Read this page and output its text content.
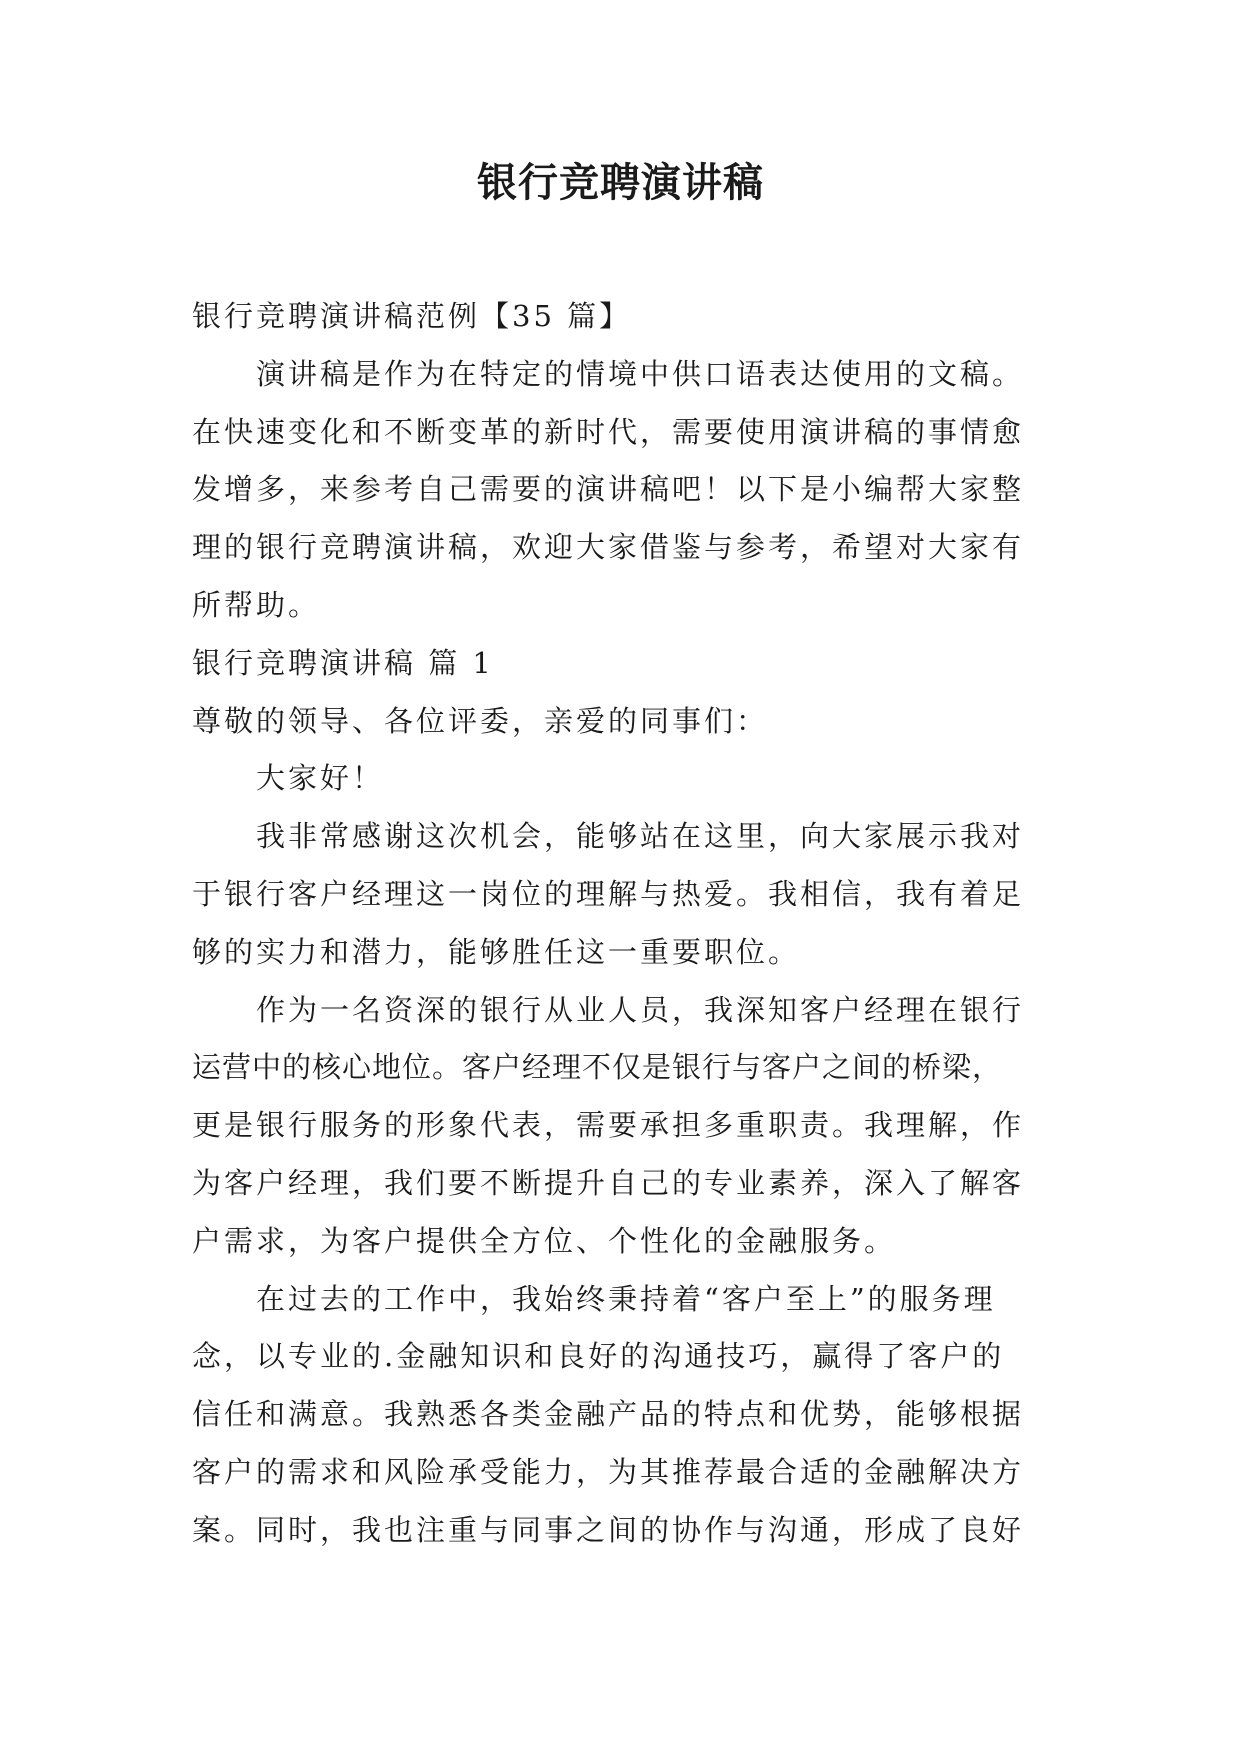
银行竞聘演讲稿
银行竞聘演讲稿范例【35 篇】
演讲稿是作为在特定的情境中供口语表达使用的文稿。
在快速变化和不断变革的新时代，需要使用演讲稿的事情愈
发增多，来参考自己需要的演讲稿吧！以下是小编帮大家整
理的银行竞聘演讲稿，欢迎大家借鉴与参考，希望对大家有
所帮助。
银行竞聘演讲稿 篇 1
尊敬的领导、各位评委，亲爱的同事们：
大家好！
我非常感谢这次机会，能够站在这里，向大家展示我对
于银行客户经理这一岗位的理解与热爱。我相信，我有着足
够的实力和潜力，能够胜任这一重要职位。
作为一名资深的银行从业人员，我深知客户经理在银行
运营中的核心地位。客户经理不仅是银行与客户之间的桥梁，
更是银行服务的形象代表，需要承担多重职责。我理解，作
为客户经理，我们要不断提升自己的专业素养，深入了解客
户需求，为客户提供全方位、个性化的金融服务。
在过去的工作中，我始终秉持着“客户至上”的服务理
念，以专业的.金融知识和良好的沟通技巧，赢得了客户的
信任和满意。我熟悉各类金融产品的特点和优势，能够根据
客户的需求和风险承受能力，为其推荐最合适的金融解决方
案。同时，我也注重与同事之间的协作与沟通，形成了良好
